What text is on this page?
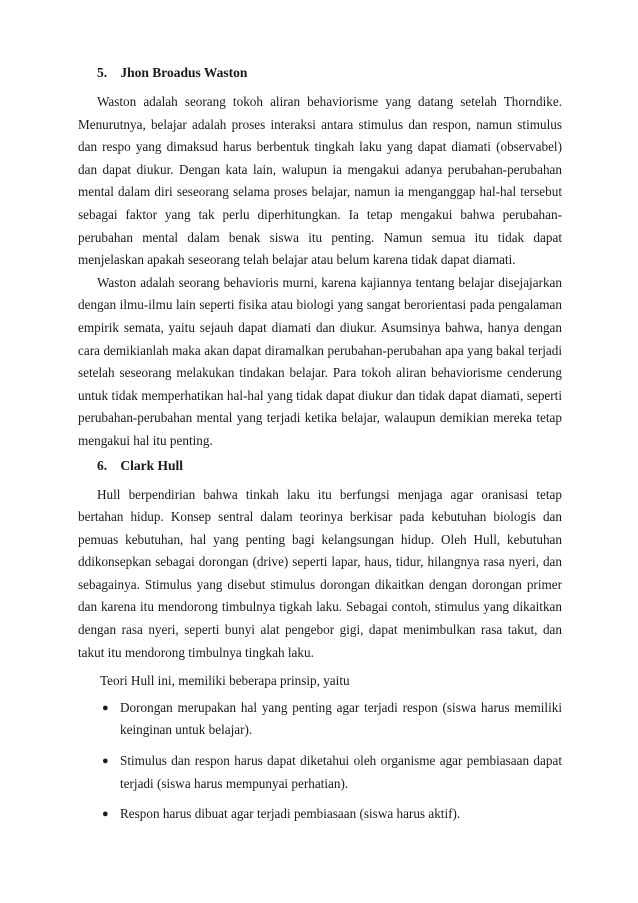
5. Jhon Broadus Waston

Waston adalah seorang tokoh aliran behaviorisme yang datang setelah Thorndike. Menurutnya, belajar adalah proses interaksi antara stimulus dan respon, namun stimulus dan respo yang dimaksud harus berbentuk tingkah laku yang dapat diamati (observabel) dan dapat diukur. Dengan kata lain, walupun ia mengakui adanya perubahan-perubahan mental dalam diri seseorang selama proses belajar, namun ia menganggap hal-hal tersebut sebagai faktor yang tak perlu diperhitungkan. Ia tetap mengakui bahwa perubahan-perubahan mental dalam benak siswa itu penting. Namun semua itu tidak dapat menjelaskan apakah seseorang telah belajar atau belum karena tidak dapat diamati.

Waston adalah seorang behavioris murni, karena kajiannya tentang belajar disejajarkan dengan ilmu-ilmu lain seperti fisika atau biologi yang sangat berorientasi pada pengalaman empirik semata, yaitu sejauh dapat diamati dan diukur. Asumsinya bahwa, hanya dengan cara demikianlah maka akan dapat diramalkan perubahan-perubahan apa yang bakal terjadi setelah seseorang melakukan tindakan belajar. Para tokoh aliran behaviorisme cenderung untuk tidak memperhatikan hal-hal yang tidak dapat diukur dan tidak dapat diamati, seperti perubahan-perubahan mental yang terjadi ketika belajar, walaupun demikian mereka tetap mengakui hal itu penting.

6. Clark Hull

Hull berpendirian bahwa tinkah laku itu berfungsi menjaga agar oranisasi tetap bertahan hidup. Konsep sentral dalam teorinya berkisar pada kebutuhan biologis dan pemuas kebutuhan, hal yang penting bagi kelangsungan hidup. Oleh Hull, kebutuhan ddikonsepkan sebagai dorongan (drive) seperti lapar, haus, tidur, hilangnya rasa nyeri, dan sebagainya. Stimulus yang disebut stimulus dorongan dikaitkan dengan dorongan primer dan karena itu mendorong timbulnya tigkah laku. Sebagai contoh, stimulus yang dikaitkan dengan rasa nyeri, seperti bunyi alat pengebor gigi, dapat menimbulkan rasa takut, dan takut itu mendorong timbulnya tingkah laku.

Teori Hull ini, memiliki beberapa prinsip, yaitu
● Dorongan merupakan hal yang penting agar terjadi respon (siswa harus memiliki keinginan untuk belajar).
● Stimulus dan respon harus dapat diketahui oleh organisme agar pembiasaan dapat terjadi (siswa harus mempunyai perhatian).
● Respon harus dibuat agar terjadi pembiasaan (siswa harus aktif).
